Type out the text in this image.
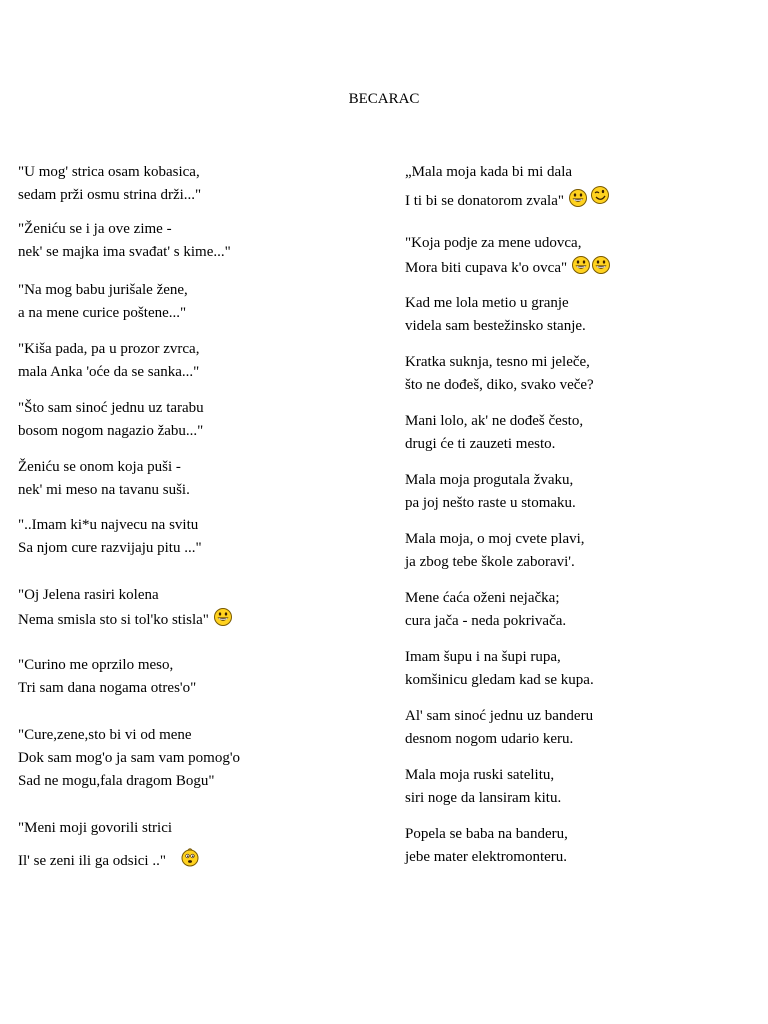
BECARAC
"U mog' strica osam kobasica,
sedam prži osmu strina drži..."
"Ženiću se i ja ove zime -
nek' se majka ima svađat' s kime..."
"Na mog babu jurišale žene,
a na mene curice poštene..."
"Kiša pada, pa u prozor zvrca,
mala Anka 'oće da se sanka..."
"Što sam sinoć jednu uz tarabu
bosom nogom nagazio žabu..."
Ženiću se onom koja puši -
nek' mi meso na tavanu suši.
"..Imam ki*u najvecu na svitu
Sa njom cure razvijaju pitu ..."
"Oj Jelena rasiri kolena
Nema smisla sto si tol'ko stisla"
"Curino me oprzilo meso,
Tri sam dana nogama otres'o"
"Cure,zene,sto bi vi od mene
Dok sam mog'o ja sam vam pomog'o
Sad ne mogu,fala dragom Bogu"
"Meni moji govorili strici
Il' se zeni ili ga odsici .."
„Mala moja kada bi mi dala
I ti bi se donatorom zvala"
"Koja podje za mene udovca,
Mora biti cupava k'o ovca"
Kad me lola metio u granje
videla sam bestežinsko stanje.
Kratka suknja, tesno mi jeleče,
što ne dođeš, diko, svako veče?
Mani lolo, ak' ne dođeš često,
drugi će ti zauzeti mesto.
Mala moja progutala žvaku,
pa joj nešto raste u stomaku.
Mala moja, o moj cvete plavi,
ja zbog tebe škole zaboravi'.
Mene ćaća oženi nejačka;
cura jača - neda pokrivača.
Imam šupu i na šupi rupa,
komšinicu gledam kad se kupa.
Al' sam sinoć jednu uz banderu
desnom nogom udario keru.
Mala moja ruski satelitu,
siri noge da lansiram kitu.
Popela se baba na banderu,
jebe mater elektromonteru.
